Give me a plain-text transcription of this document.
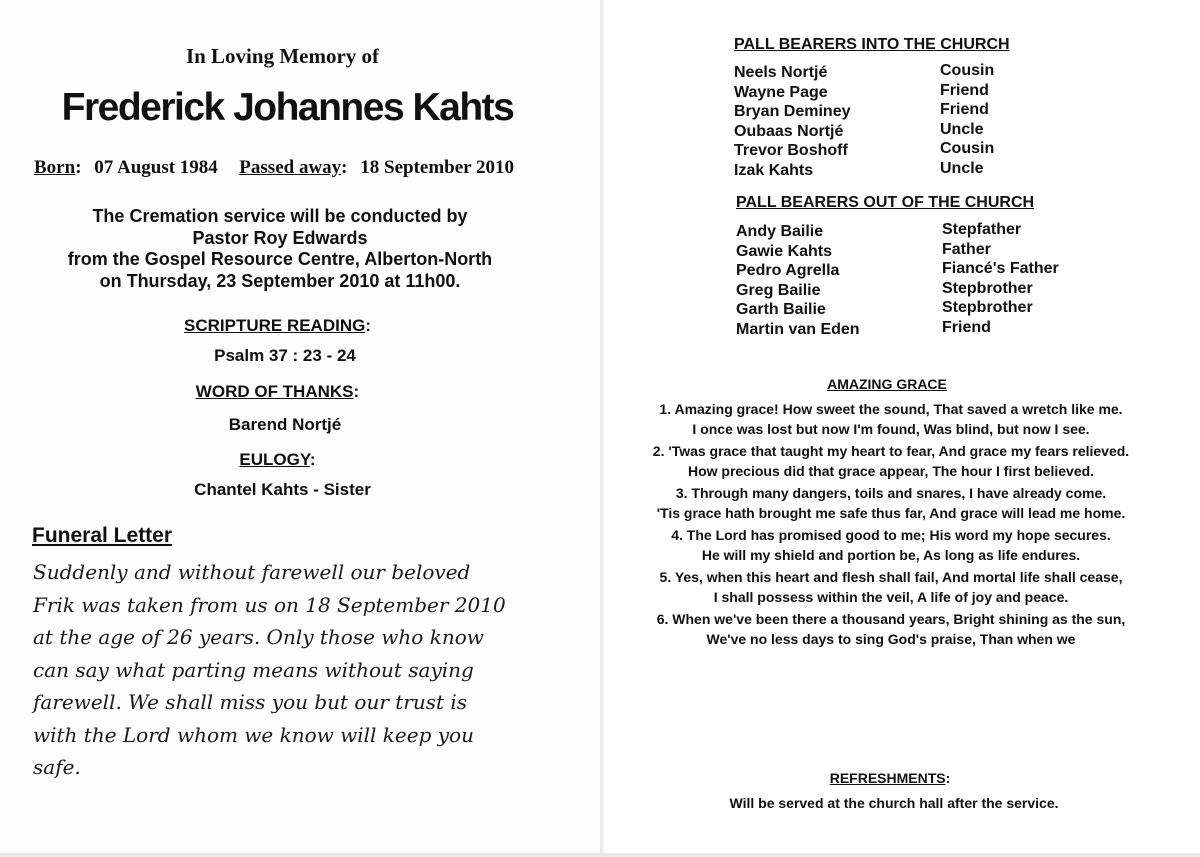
In Loving Memory of
Frederick Johannes Kahts
Born: 07 August 1984 Passed away: 18 September 2010
The Cremation service will be conducted by
Pastor Roy Edwards
from the Gospel Resource Centre, Alberton-North
on Thursday, 23 September 2010 at 11h00.
SCRIPTURE READING:
Psalm 37 : 23 - 24
WORD OF THANKS:
Barend Nortjé
EULOGY:
Chantel Kahts - Sister
Funeral Letter
Suddenly and without farewell our beloved
Frik was taken from us on 18 September 2010
at the age of 26 years. Only those who know
can say what parting means without saying
farewell. We shall miss you but our trust is
with the Lord whom we know will keep you
safe.
PALL BEARERS INTO THE CHURCH
Neels Nortjé	Cousin
Wayne Page	Friend
Bryan Deminey	Friend
Oubaas Nortjé	Uncle
Trevor Boshoff	Cousin
Izak Kahts	Uncle
PALL BEARERS OUT OF THE CHURCH
Andy Bailie	Stepfather
Gawie Kahts	Father
Pedro Agrella	Fiancé's Father
Greg Bailie	Stepbrother
Garth Bailie	Stepbrother
Martin van Eden	Friend
AMAZING GRACE

1. Amazing grace! How sweet the sound, That saved a wretch like me.

I once was lost but now I'm found, Was blind, but now I see.

2. 'Twas grace that taught my heart to fear, And grace my fears relieved.

How precious did that grace appear, The hour I first believed.

3. Through many dangers, toils and snares, I have already come.

'Tis grace hath brought me safe thus far, And grace will lead me home.

4. The Lord has promised good to me; His word my hope secures.

He will my shield and portion be, As long as life endures.

5. Yes, when this heart and flesh shall fail, And mortal life shall cease,

I shall possess within the veil, A life of joy and peace.

6. When we've been there a thousand years, Bright shining as the sun,

We've no less days to sing God's praise, Than when we

REFRESHMENTS:
Will be served at the church hall after the service.
